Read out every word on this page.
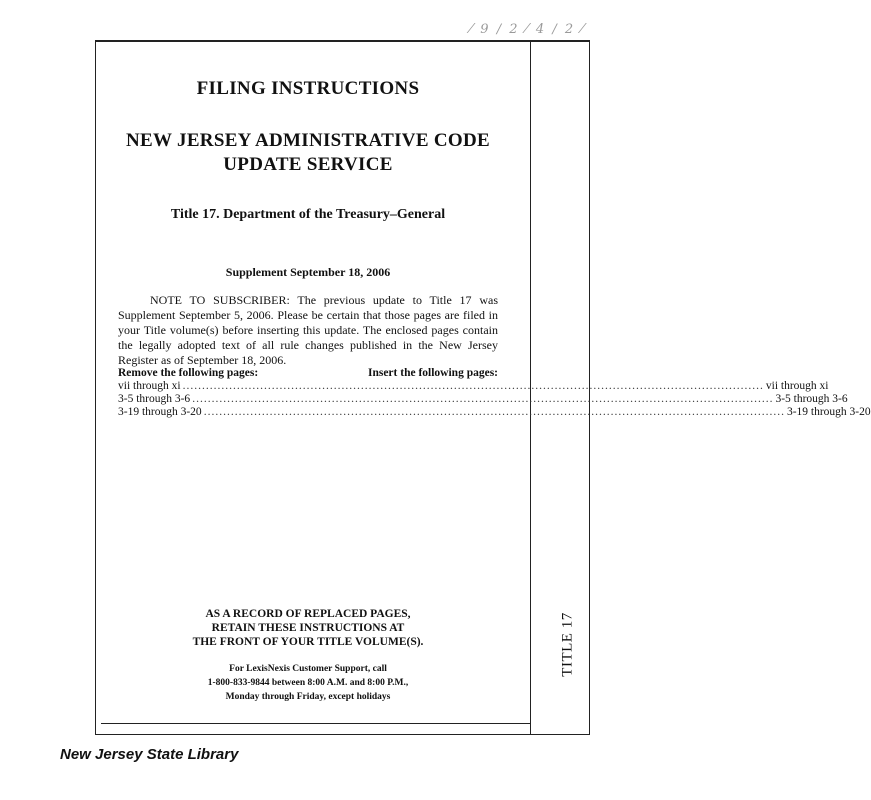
⁄ 9 / 2 ⁄ 4 / 2 ⁄
FILING INSTRUCTIONS
NEW JERSEY ADMINISTRATIVE CODE
UPDATE SERVICE
Title 17. Department of the Treasury–General
Supplement September 18, 2006
NOTE TO SUBSCRIBER: The previous update to Title 17 was Supplement September 5, 2006. Please be certain that those pages are filed in your Title volume(s) before inserting this update. The enclosed pages contain the legally adopted text of all rule changes published in the New Jersey Register as of September 18, 2006.
Remove the following pages:	Insert the following pages:
vii through xi ...................................................................................................................................................... vii through xi
3-5 through 3-6 ...................................................................................................................................................... 3-5 through 3-6
3-19 through 3-20 ...................................................................................................................................................... 3-19 through 3-20
AS A RECORD OF REPLACED PAGES,
RETAIN THESE INSTRUCTIONS AT
THE FRONT OF YOUR TITLE VOLUME(S).
For LexisNexis Customer Support, call
1-800-833-9844 between 8:00 A.M. and 8:00 P.M.,
Monday through Friday, except holidays
TITLE 17
New Jersey State Library
